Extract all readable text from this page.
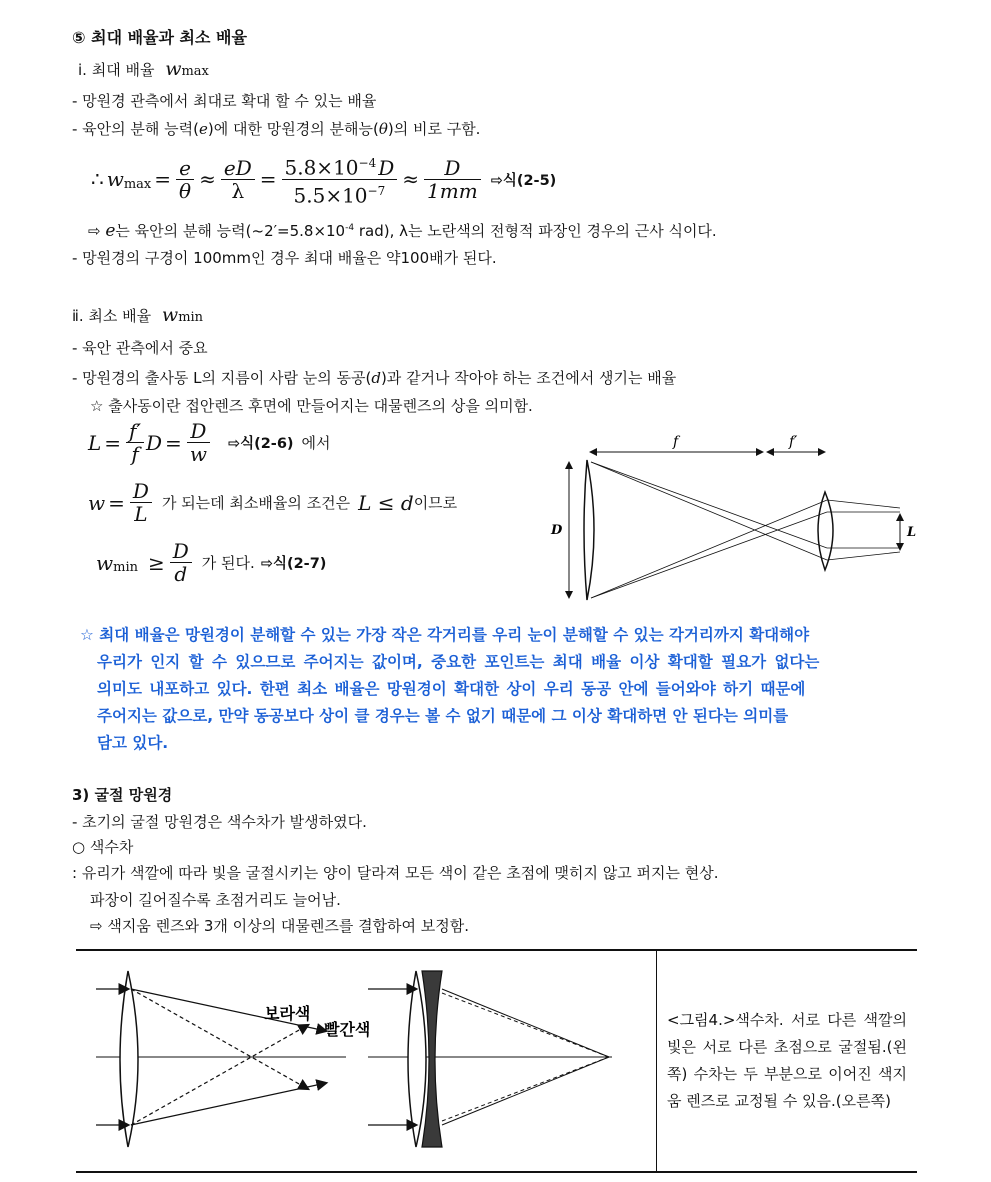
⑤ 최대 배율과 최소 배율
ⅰ. 최대 배율 wmax
- 망원경 관측에서 최대로 확대 할 수 있는 배율
- 육안의 분해 능력(e)에 대한 망원경의 분해능(θ)의 비로 구함.
∴ w $\max = \frac{e}{\theta} \approx \frac{eD}{\lambda} = \frac{5.8\times 10^{-4} D}{5.5\times 10^{-7}} \approx \frac{D}{1mm}$ ⇨식(2-5)
⇨ e는 육안의 분해 능력($\sim 2'=5.8\times 10^{-4}$ rad), λ는 노란색의 전형적 파장인 경우의 근사 식이다.
- 망원경의 구경이 100mm인 경우 최대 배율은 약100배가 된다.
ⅱ. 최소 배율 wmin
- 육안 관측에서 중요
- 망원경의 출사동 L의 지름이 사람 눈의 동공(d)과 같거나 작아야 하는 조건에서 생기는 배율
☆ 출사동이란 접안렌즈 후면에 만들어지는 대물렌즈의 상을 의미함.
$L = \frac{f'}{f}$ $D = \frac{D}{w}$ ⇨식(2-6) 에서
$w = \frac{D}{L}$ 가 되는데 최소배율의 조건은 L ≤ d 이므로
w $\min \ge \frac{D}{d}$ 가 된다. ⇨식(2-7)
f	f′
D	L
☆ 최대 배율은 망원경이 분해할 수 있는 가장 작은 각거리를 우리 눈이 분해할 수 있는 각거리까지 확대해야
우리가 인지 할 수 있으므로 주어지는 값이며, 중요한 포인트는 최대 배율 이상 확대할 필요가 없다는
의미도 내포하고 있다. 한편 최소 배율은 망원경이 확대한 상이 우리 동공 안에 들어와야 하기 때문에
주어지는 값으로, 만약 동공보다 상이 클 경우는 볼 수 없기 때문에 그 이상 확대하면 안 된다는 의미를
담고 있다.
3) 굴절 망원경
- 초기의 굴절 망원경은 색수차가 발생하였다.
○ 색수차
: 유리가 색깔에 따라 빛을 굴절시키는 양이 달라져 모든 색이 같은 초점에 맺히지 않고 퍼지는 현상.
파장이 길어질수록 초점거리도 늘어남.
⇨ 색지움 렌즈와 3개 이상의 대물렌즈를 결합하여 보정함.
보라색
빨간색	<그림4.>색수차. 서로 다른 색깔의 빛은 서로 다른 초점으로 굴절됨.(왼쪽) 수차는 두 부분으로 이어진 색지움 렌즈로 교정될 수 있음.(오른쪽)
